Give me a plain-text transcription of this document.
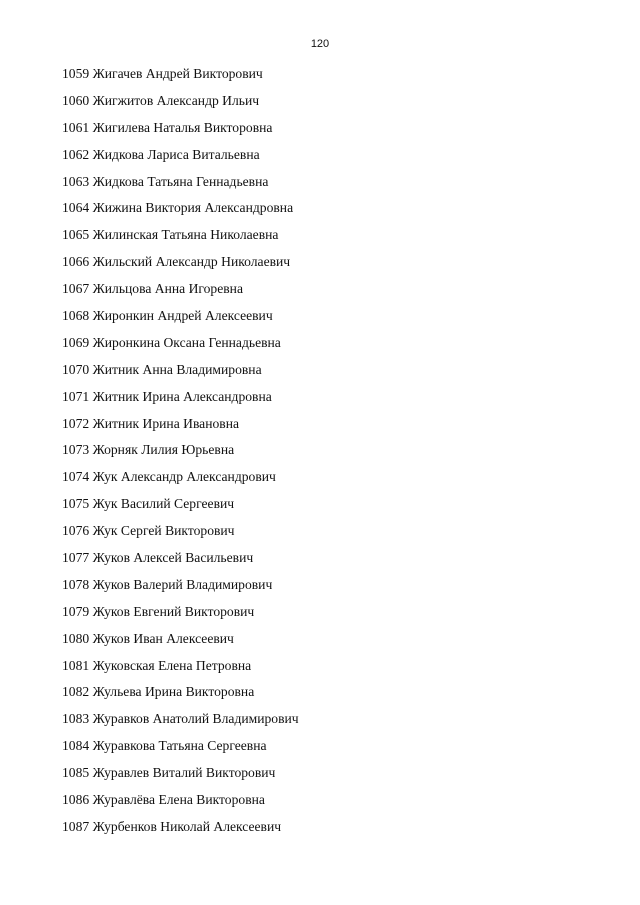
120
1059 Жигачев Андрей Викторович
1060 Жигжитов Александр Ильич
1061 Жигилева Наталья Викторовна
1062 Жидкова Лариса Витальевна
1063 Жидкова Татьяна Геннадьевна
1064 Жижина Виктория Александровна
1065 Жилинская Татьяна Николаевна
1066 Жильский Александр Николаевич
1067 Жильцова Анна Игоревна
1068 Жиронкин Андрей Алексеевич
1069 Жиронкина Оксана Геннадьевна
1070 Житник Анна Владимировна
1071 Житник Ирина Александровна
1072 Житник Ирина Ивановна
1073 Жорняк Лилия Юрьевна
1074 Жук Александр Александрович
1075 Жук Василий Сергеевич
1076 Жук Сергей Викторович
1077 Жуков Алексей Васильевич
1078 Жуков Валерий Владимирович
1079 Жуков Евгений Викторович
1080 Жуков Иван Алексеевич
1081 Жуковская Елена Петровна
1082 Жульева Ирина Викторовна
1083 Журавков Анатолий Владимирович
1084 Журавкова Татьяна Сергеевна
1085 Журавлев Виталий Викторович
1086 Журавлёва Елена Викторовна
1087 Журбенков Николай Алексеевич
